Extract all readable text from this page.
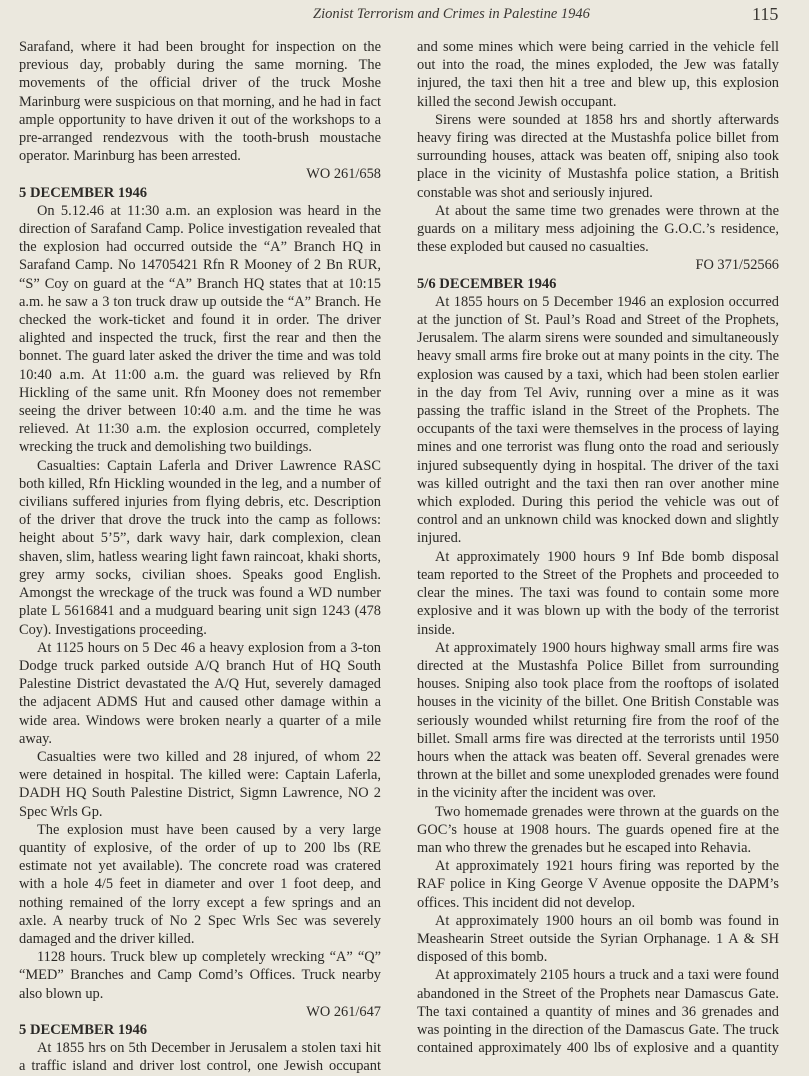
Zionist Terrorism and Crimes in Palestine 1946	115

Sarafand, where it had been brought for inspection on the previous day, probably during the same morning. The movements of the official driver of the truck Moshe Marinburg were suspicious on that morning, and he had in fact ample opportunity to have driven it out of the workshops to a pre-arranged rendezvous with the tooth-brush moustache operator. Marinburg has been arrested.

WO 261/658
5 DECEMBER 1946

On 5.12.46 at 11:30 a.m. an explosion was heard in the direction of Sarafand Camp. Police investigation revealed that the explosion had occurred outside the “A” Branch HQ in Sarafand Camp. No 14705421 Rfn R Mooney of 2 Bn RUR, “S” Coy on guard at the “A” Branch HQ states that at 10:15 a.m. he saw a 3 ton truck draw up outside the “A” Branch. He checked the work-ticket and found it in order. The driver alighted and inspected the truck, first the rear and then the bonnet. The guard later asked the driver the time and was told 10:40 a.m. At 11:00 a.m. the guard was relieved by Rfn Hickling of the same unit. Rfn Mooney does not remember seeing the driver between 10:40 a.m. and the time he was relieved. At 11:30 a.m. the explosion occurred, completely wrecking the truck and demolishing two buildings.

Casualties: Captain Laferla and Driver Lawrence RASC both killed, Rfn Hickling wounded in the leg, and a number of civilians suffered injuries from flying debris, etc. Description of the driver that drove the truck into the camp as follows: height about 5’5”, dark wavy hair, dark complexion, clean shaven, slim, hatless wearing light fawn raincoat, khaki shorts, grey army socks, civilian shoes. Speaks good English. Amongst the wreckage of the truck was found a WD number plate L 5616841 and a mudguard bearing unit sign 1243 (478 Coy). Investigations proceeding.

At 1125 hours on 5 Dec 46 a heavy explosion from a 3-ton Dodge truck parked outside A/Q branch Hut of HQ South Palestine District devastated the A/Q Hut, severely damaged the adjacent ADMS Hut and caused other damage within a wide area. Windows were broken nearly a quarter of a mile away.

Casualties were two killed and 28 injured, of whom 22 were detained in hospital. The killed were: Captain Laferla, DADH HQ South Palestine District, Sigmn Lawrence, NO 2 Spec Wrls Gp.

The explosion must have been caused by a very large quantity of explosive, of the order of up to 200 lbs (RE estimate not yet available). The concrete road was cratered with a hole 4/5 feet in diameter and over 1 foot deep, and nothing remained of the lorry except a few springs and an axle. A nearby truck of No 2 Spec Wrls Sec was severely damaged and the driver killed.

1128 hours. Truck blew up completely wrecking “A” “Q” “MED” Branches and Camp Comd’s Offices. Truck nearby also blown up.

WO 261/647
5 DECEMBER 1946

At 1855 hrs on 5th December in Jerusalem a stolen taxi hit a traffic island and driver lost control, one Jewish occupant

and some mines which were being carried in the vehicle fell out into the road, the mines exploded, the Jew was fatally injured, the taxi then hit a tree and blew up, this explosion killed the second Jewish occupant.

Sirens were sounded at 1858 hrs and shortly afterwards heavy firing was directed at the Mustashfa police billet from surrounding houses, attack was beaten off, sniping also took place in the vicinity of Mustashfa police station, a British constable was shot and seriously injured.

At about the same time two grenades were thrown at the guards on a military mess adjoining the G.O.C.’s residence, these exploded but caused no casualties.

FO 371/52566
5/6 DECEMBER 1946

At 1855 hours on 5 December 1946 an explosion occurred at the junction of St. Paul’s Road and Street of the Prophets, Jerusalem. The alarm sirens were sounded and simultaneously heavy small arms fire broke out at many points in the city. The explosion was caused by a taxi, which had been stolen earlier in the day from Tel Aviv, running over a mine as it was passing the traffic island in the Street of the Prophets. The occupants of the taxi were themselves in the process of laying mines and one terrorist was flung onto the road and seriously injured subsequently dying in hospital. The driver of the taxi was killed outright and the taxi then ran over another mine which exploded. During this period the vehicle was out of control and an unknown child was knocked down and slightly injured.

At approximately 1900 hours 9 Inf Bde bomb disposal team reported to the Street of the Prophets and proceeded to clear the mines. The taxi was found to contain some more explosive and it was blown up with the body of the terrorist inside.

At approximately 1900 hours highway small arms fire was directed at the Mustashfa Police Billet from surrounding houses. Sniping also took place from the rooftops of isolated houses in the vicinity of the billet. One British Constable was seriously wounded whilst returning fire from the roof of the billet. Small arms fire was directed at the terrorists until 1950 hours when the attack was beaten off. Several grenades were thrown at the billet and some unexploded grenades were found in the vicinity after the incident was over.

Two homemade grenades were thrown at the guards on the GOC’s house at 1908 hours. The guards opened fire at the man who threw the grenades but he escaped into Rehavia.

At approximately 1921 hours firing was reported by the RAF police in King George V Avenue opposite the DAPM’s offices. This incident did not develop.

At approximately 1900 hours an oil bomb was found in Meashearin Street outside the Syrian Orphanage. 1 A & SH disposed of this bomb.

At approximately 2105 hours a truck and a taxi were found abandoned in the Street of the Prophets near Damascus Gate. The taxi contained a quantity of mines and 36 grenades and was pointing in the direction of the Damascus Gate. The truck contained approximately 400 lbs of explosive and a quantity
